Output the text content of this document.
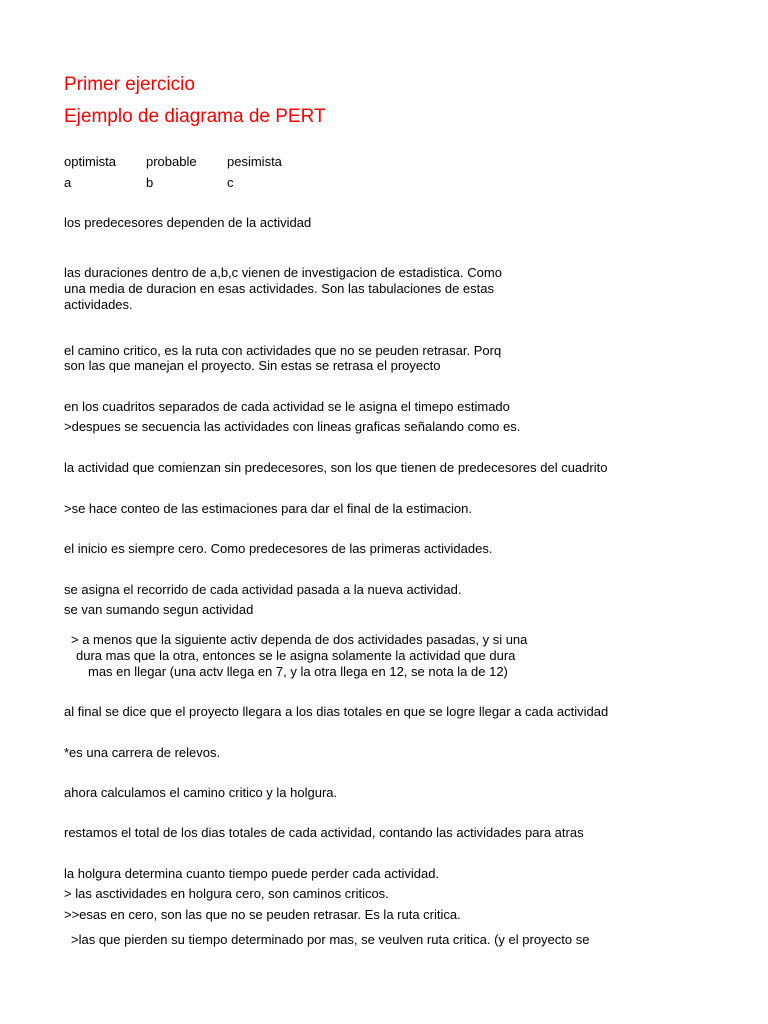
Primer ejercicio
Ejemplo de diagrama de PERT
optimista probable pesimista
a	b	c
los predecesores dependen de la actividad
las duraciones dentro de a,b,c vienen de investigacion de estadistica. Como
una media de duracion en esas actividades. Son las tabulaciones de estas
actividades.
el camino critico, es la ruta con actividades que no se peuden retrasar. Porq
son las que manejan el proyecto. Sin estas se retrasa el proyecto
en los cuadritos separados de cada actividad se le asigna el timepo estimado
>despues se secuencia las actividades con lineas graficas señalando como es.
la actividad que comienzan sin predecesores, son los que tienen de predecesores del cuadrito
>se hace conteo de las estimaciones para dar el final de la estimacion.
el inicio es siempre cero. Como predecesores de las primeras actividades.
se asigna el recorrido de cada actividad pasada a la nueva actividad.
se van sumando segun actividad
> a menos que la siguiente activ dependa de dos actividades pasadas, y si una
dura mas que la otra, entonces se le asigna solamente la actividad que dura
mas en llegar (una actv llega en 7, y la otra llega en 12, se nota la de 12)
al final se dice que el proyecto llegara a los dias totales en que se logre llegar a cada actividad
*es una carrera de relevos.
ahora calculamos el camino critico y la holgura.
restamos el total de los dias totales de cada actividad, contando las actividades para atras
la holgura determina cuanto tiempo puede perder cada actividad.
> las asctividades en holgura cero, son caminos criticos.
>>esas en cero, son las que no se peuden retrasar. Es la ruta critica.
>las que pierden su tiempo determinado por mas, se veulven ruta critica. (y el proyecto se
